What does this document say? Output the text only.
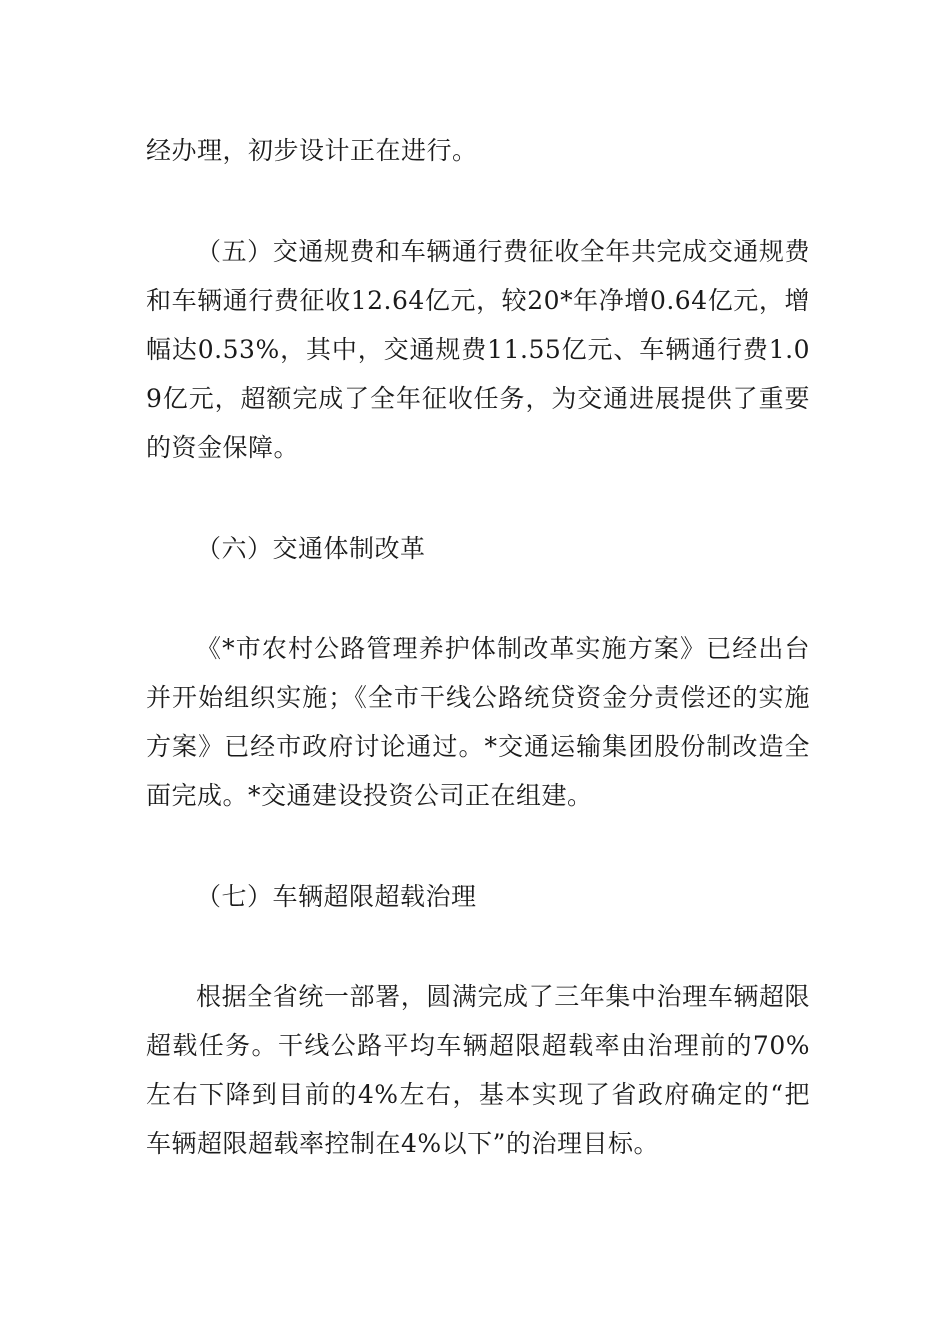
经办理，初步设计正在进行。

（五）交通规费和车辆通行费征收全年共完成交通规费和车辆通行费征收12.64亿元，较20*年净增0.64亿元，增幅达0.53%，其中，交通规费11.55亿元、车辆通行费1.09亿元，超额完成了全年征收任务，为交通进展提供了重要的资金保障。

（六）交通体制改革

《*市农村公路管理养护体制改革实施方案》已经出台并开始组织实施；《全市干线公路统贷资金分责偿还的实施方案》已经市政府讨论通过。*交通运输集团股份制改造全面完成。*交通建设投资公司正在组建。

（七）车辆超限超载治理

根据全省统一部署，圆满完成了三年集中治理车辆超限超载任务。干线公路平均车辆超限超载率由治理前的70%左右下降到目前的4%左右，基本实现了省政府确定的“把车辆超限超载率控制在4%以下”的治理目标。
